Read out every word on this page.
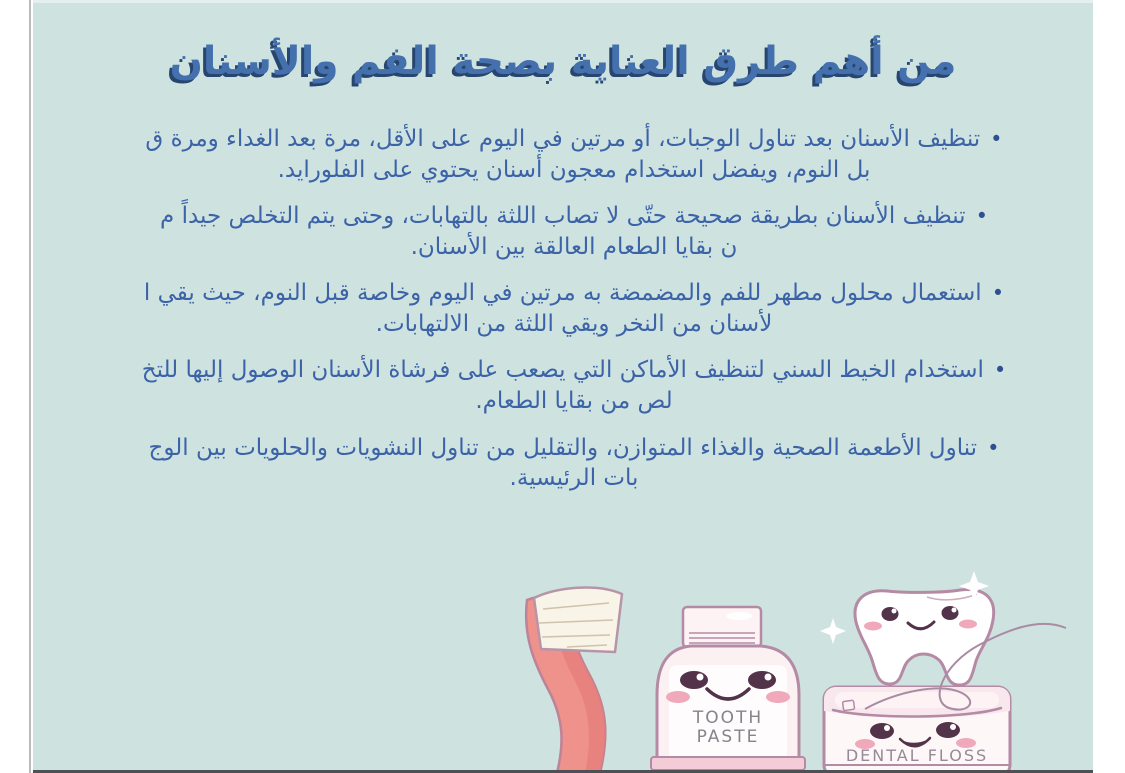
من أهم طرق العناية بصحة الفم والأسنان
•تنظيف الأسنان بعد تناول الوجبات، أو مرتين في اليوم على الأقل، مرة بعد الغداء ومرة ق
بل النوم، ويفضل استخدام معجون أسنان يحتوي على الفلورايد.
•تنظيف الأسنان بطريقة صحيحة حتّى لا تصاب اللثة بالتهابات، وحتى يتم التخلص جيداً م
ن بقايا الطعام العالقة بين الأسنان.
•استعمال محلول مطهر للفم والمضمضة به مرتين في اليوم وخاصة قبل النوم، حيث يقي ا
لأسنان من النخر ويقي اللثة من الالتهابات.
•استخدام الخيط السني لتنظيف الأماكن التي يصعب على فرشاة الأسنان الوصول إليها للتخ
لص من بقايا الطعام.
•تناول الأطعمة الصحية والغذاء المتوازن، والتقليل من تناول النشويات والحلويات بين الوج
بات الرئيسية.
TOOTH
PASTE
DENTAL FLOSS
